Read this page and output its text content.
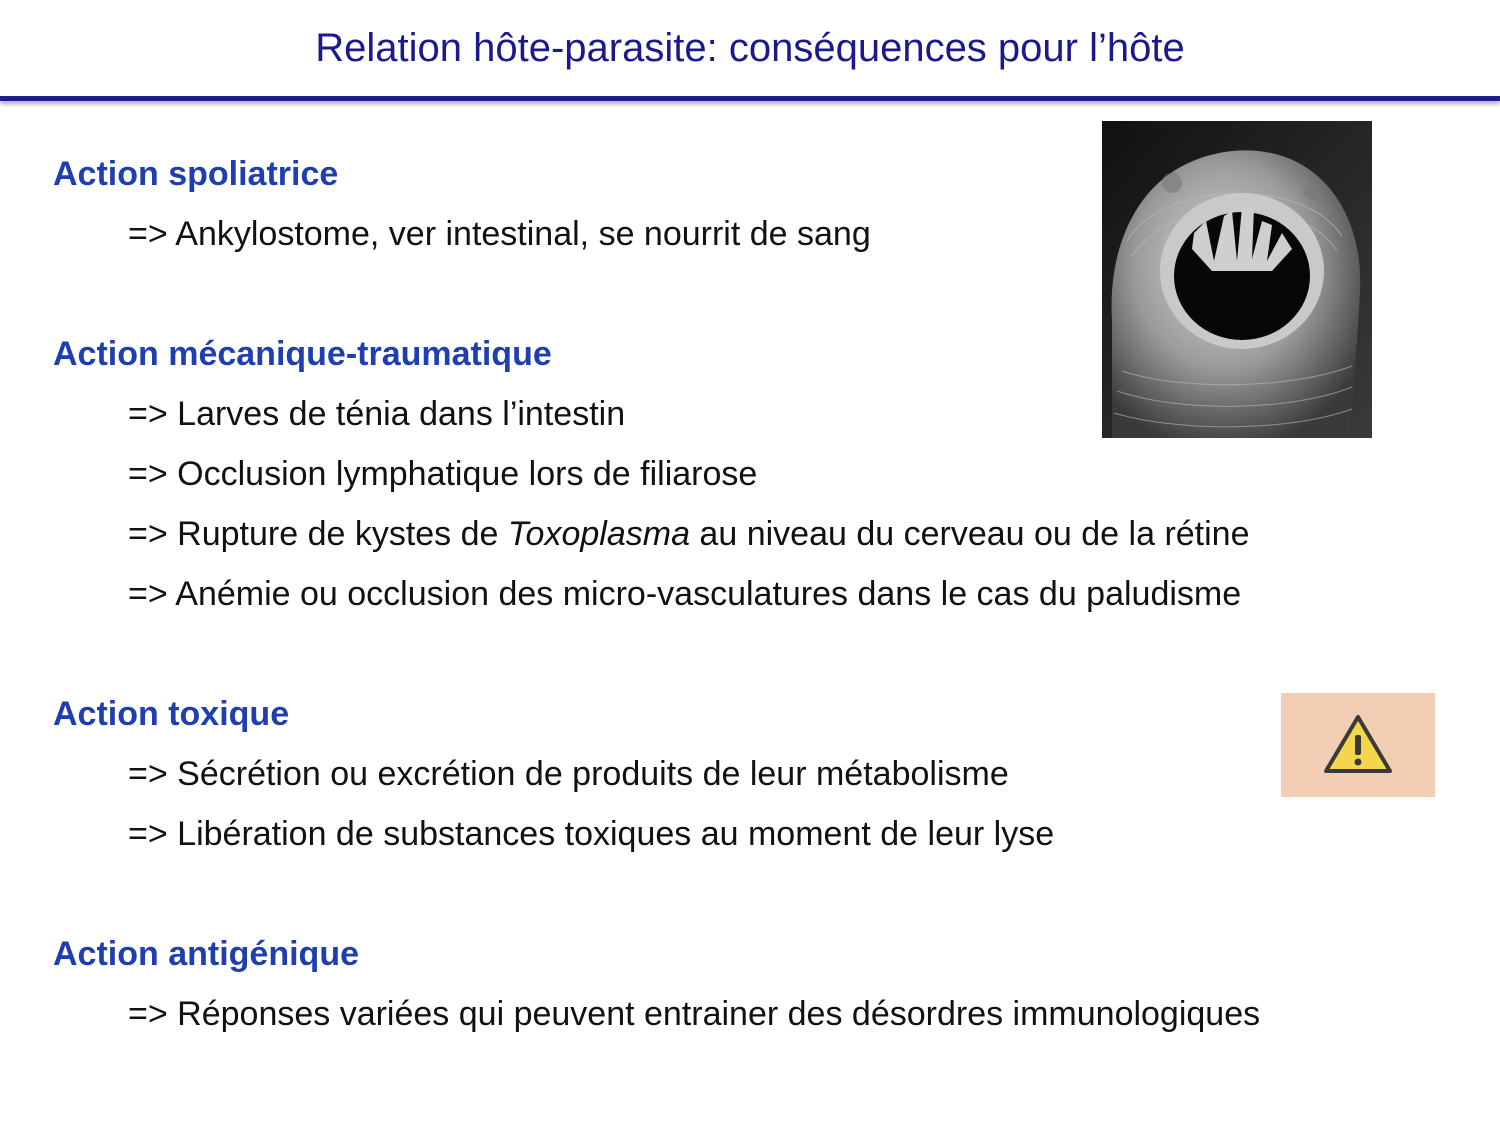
Relation hôte-parasite: conséquences pour l’hôte
Action spoliatrice
=> Ankylostome, ver intestinal, se nourrit de sang
Action mécanique-traumatique
=> Larves de ténia dans l’intestin
=> Occlusion lymphatique lors de filiarose
=> Rupture de kystes de Toxoplasma au niveau du cerveau ou de la rétine
=> Anémie ou occlusion des micro-vasculatures dans le cas du paludisme
Action toxique
=> Sécrétion ou excrétion de produits de leur métabolisme
=> Libération de substances toxiques au moment de leur lyse
Action antigénique
=> Réponses variées qui peuvent entrainer des désordres immunologiques
